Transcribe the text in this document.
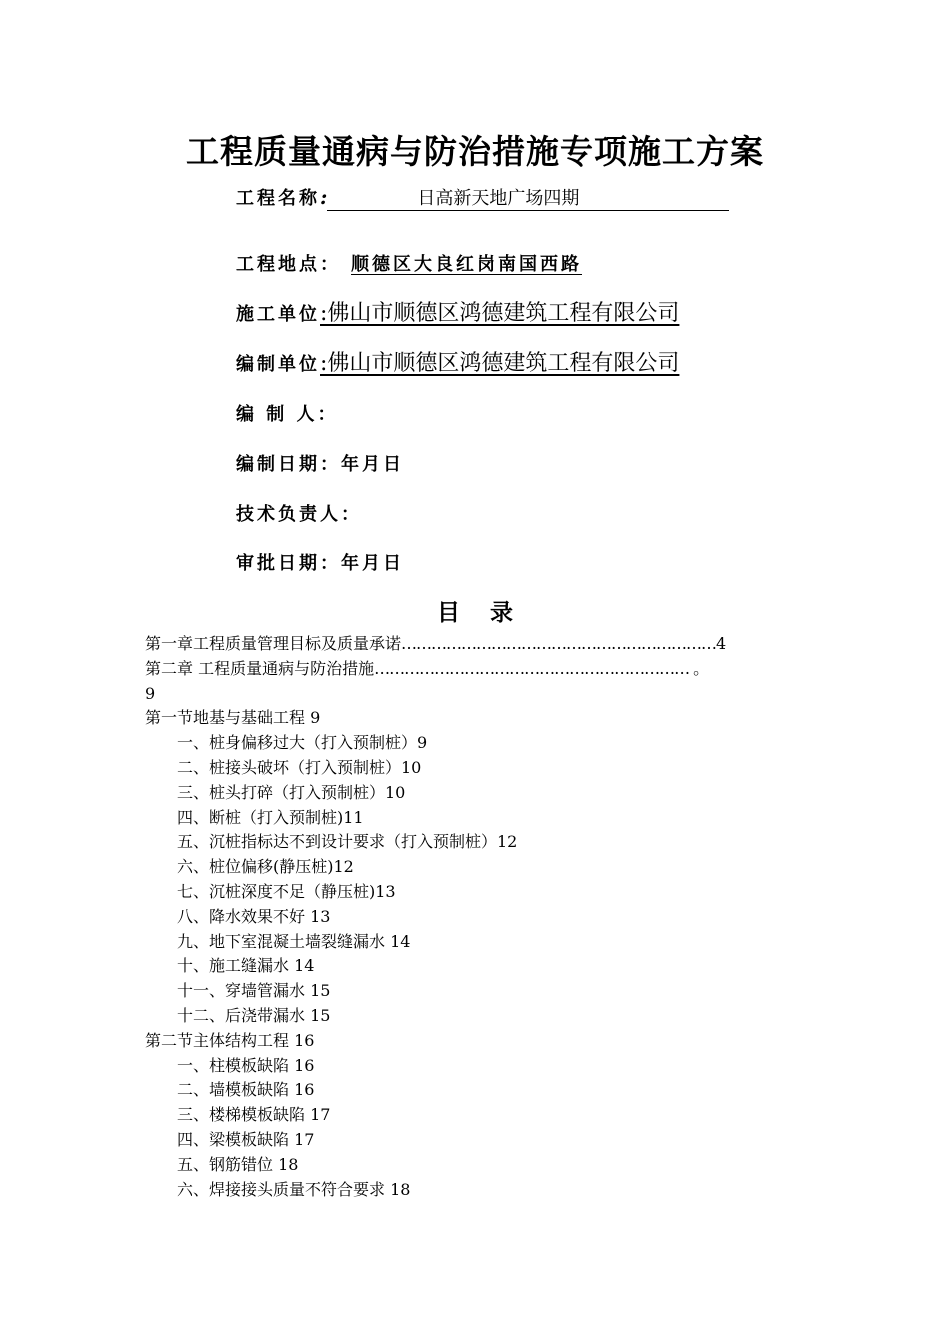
工程质量通病与防治措施专项施工方案
工程名称:	日高新天地广场四期
工程地点： 顺德区大良红岗南国西路
施工单位:佛山市顺德区鸿德建筑工程有限公司
编制单位:佛山市顺德区鸿德建筑工程有限公司
编 制 人：
编制日期：年月日
技术负责人：
审批日期：年月日
目录
第一章工程质量管理目标及质量承诺………………………………………………………4
第二章 工程质量通病与防治措施……………………………………………………… 。
9
第一节地基与基础工程 9
一、桩身偏移过大（打入预制桩）9
二、桩接头破坏（打入预制桩）10
三、桩头打碎（打入预制桩）10
四、断桩（打入预制桩)11
五、沉桩指标达不到设计要求（打入预制桩）12
六、桩位偏移(静压桩)12
七、沉桩深度不足（静压桩)13
八、降水效果不好 13
九、地下室混凝土墙裂缝漏水 14
十、施工缝漏水 14
十一、穿墙管漏水 15
十二、后浇带漏水 15
第二节主体结构工程 16
一、柱模板缺陷 16
二、墙模板缺陷 16
三、楼梯模板缺陷 17
四、梁模板缺陷 17
五、钢筋错位 18
六、焊接接头质量不符合要求 18
